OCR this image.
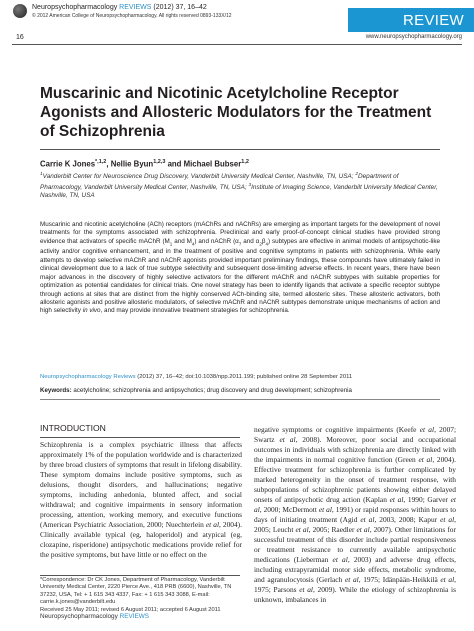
Neuropsychopharmacology REVIEWS (2012) 37, 16–42
© 2012 American College of Neuropsychopharmacology. All rights reserved 0893-133X/12	REVIEW
16	www.neuropsychopharmacology.org
Muscarinic and Nicotinic Acetylcholine Receptor Agonists and Allosteric Modulators for the Treatment of Schizophrenia
Carrie K Jones$^{*,1,2}$, Nellie Byun$^{1,2,3}$ and Michael Bubser$^{1,2}$
$^1$Vanderbilt Center for Neuroscience Drug Discovery, Vanderbilt University Medical Center, Nashville, TN, USA; $^2$Department of Pharmacology, Vanderbilt University Medical Center, Nashville, TN, USA; $^3$Institute of Imaging Science, Vanderbilt University Medical Center, Nashville, TN, USA
Muscarinic and nicotinic acetylcholine (ACh) receptors (mAChRs and nAChRs) are emerging as important targets for the development of novel treatments for the symptoms associated with schizophrenia. Preclinical and early proof-of-concept clinical studies have provided strong evidence that activators of specific mAChR ($M_1$ and $M_4$) and nAChR ($\alpha_7$ and $\alpha_2\beta_4$) subtypes are effective in animal models of antipsychotic-like activity and/or cognitive enhancement, and in the treatment of positive and cognitive symptoms in patients with schizophrenia. While early attempts to develop selective mAChR and nAChR agonists provided important preliminary findings, these compounds have ultimately failed in clinical development due to a lack of true subtype selectivity and subsequent dose-limiting adverse effects. In recent years, there have been major advances in the discovery of highly selective activators for the different mAChR and nAChR subtypes with suitable properties for optimization as potential candidates for clinical trials. One novel strategy has been to identify ligands that activate a specific receptor subtype through actions at sites that are distinct from the highly conserved ACh-binding site, termed allosteric sites. These allosteric activators, both allosteric agonists and positive allosteric modulators, of selective mAChR and nAChR subtypes demonstrate unique mechanisms of action and high selectivity in vivo, and may provide innovative treatment strategies for schizophrenia.
Neuropsychopharmacology Reviews (2012) 37, 16–42; doi:10.1038/npp.2011.199; published online 28 September 2011
Keywords: acetylcholine; schizophrenia and antipsychotics; drug discovery and drug development; schizophrenia
INTRODUCTION
Schizophrenia is a complex psychiatric illness that affects approximately 1% of the population worldwide and is characterized by three broad clusters of symptoms that result in lifelong disability. These symptom domains include positive symptoms, such as delusions, thought disorders, and hallucinations; negative symptoms, including anhedonia, blunted affect, and social withdrawal; and cognitive impairments in sensory information processing, attention, working memory, and executive functions (American Psychiatric Association, 2000; Nuechterlein et al, 2004). Clinically available typical (eg, haloperidol) and atypical (eg, clozapine, risperidone) antipsychotic medications provide relief for the positive symptoms, but have little or no effect on the
negative symptoms or cognitive impairments (Keefe et al, 2007; Swartz et al, 2008). Moreover, poor social and occupational outcomes in individuals with schizophrenia are directly linked with the impairments in normal cognitive function (Green et al, 2004). Effective treatment for schizophrenia is further complicated by marked heterogeneity in the onset of treatment response, with subpopulations of schizophrenic patients showing either delayed onsets of antipsychotic drug action (Kaplan et al, 1990; Garver et al, 2000; McDermott et al, 1991) or rapid responses within hours to days of initiating treatment (Agid et al, 2003, 2008; Kapur et al, 2005; Leucht et al, 2005; Raedler et al, 2007). Other limitations for successful treatment of this disorder include partial responsiveness or treatment resistance to currently available antipsychotic medications (Lieberman et al, 2003) and adverse drug effects, including extrapyramidal motor side effects, metabolic syndrome, and agranulocytosis (Gerlach et al, 1975; Idänpään-Heikkilä et al, 1975; Parsons et al, 2009). While the etiology of schizophrenia is unknown, imbalances in
*Correspondence: Dr CK Jones, Department of Pharmacology, Vanderbilt University Medical Center, 2220 Pierce Ave., 418 PRB (6600), Nashville, TN 37232, USA, Tel: + 1 615 343 4337, Fax: + 1 615 343 3088, E-mail: carrie.k.jones@vanderbilt.edu
Received 25 May 2011; revised 6 August 2011; accepted 6 August 2011
Neuropsychopharmacology REVIEWS
